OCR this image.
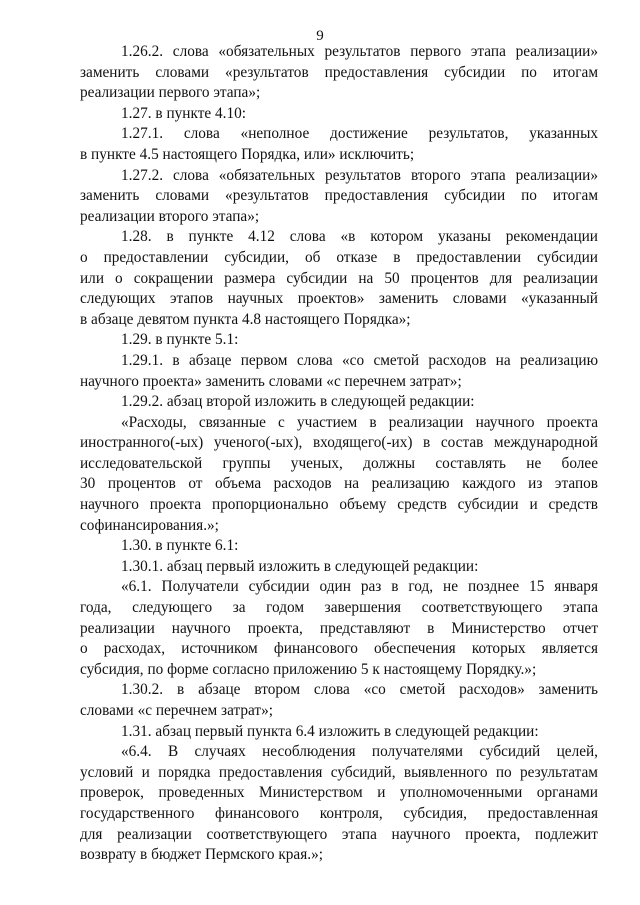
9
1.26.2. слова «обязательных результатов первого этапа реализации»
заменить словами «результатов предоставления субсидии по итогам
реализации первого этапа»;
1.27. в пункте 4.10:
1.27.1. слова «неполное достижение результатов, указанных
в пункте 4.5 настоящего Порядка, или» исключить;
1.27.2. слова «обязательных результатов второго этапа реализации»
заменить словами «результатов предоставления субсидии по итогам
реализации второго этапа»;
1.28. в пункте 4.12 слова «в котором указаны рекомендации
о предоставлении субсидии, об отказе в предоставлении субсидии
или о сокращении размера субсидии на 50 процентов для реализации
следующих этапов научных проектов» заменить словами «указанный
в абзаце девятом пункта 4.8 настоящего Порядка»;
1.29. в пункте 5.1:
1.29.1. в абзаце первом слова «со сметой расходов на реализацию
научного проекта» заменить словами «с перечнем затрат»;
1.29.2. абзац второй изложить в следующей редакции:
«Расходы, связанные с участием в реализации научного проекта
иностранного(-ых) ученого(-ых), входящего(-их) в состав международной
исследовательской группы ученых, должны составлять не более
30 процентов от объема расходов на реализацию каждого из этапов
научного проекта пропорционально объему средств субсидии и средств
софинансирования.»;
1.30. в пункте 6.1:
1.30.1. абзац первый изложить в следующей редакции:
«6.1. Получатели субсидии один раз в год, не позднее 15 января
года, следующего за годом завершения соответствующего этапа
реализации научного проекта, представляют в Министерство отчет
о расходах, источником финансового обеспечения которых является
субсидия, по форме согласно приложению 5 к настоящему Порядку.»;
1.30.2. в абзаце втором слова «со сметой расходов» заменить
словами «с перечнем затрат»;
1.31. абзац первый пункта 6.4 изложить в следующей редакции:
«6.4. В случаях несоблюдения получателями субсидий целей,
условий и порядка предоставления субсидий, выявленного по результатам
проверок, проведенных Министерством и уполномоченными органами
государственного финансового контроля, субсидия, предоставленная
для реализации соответствующего этапа научного проекта, подлежит
возврату в бюджет Пермского края.»;
